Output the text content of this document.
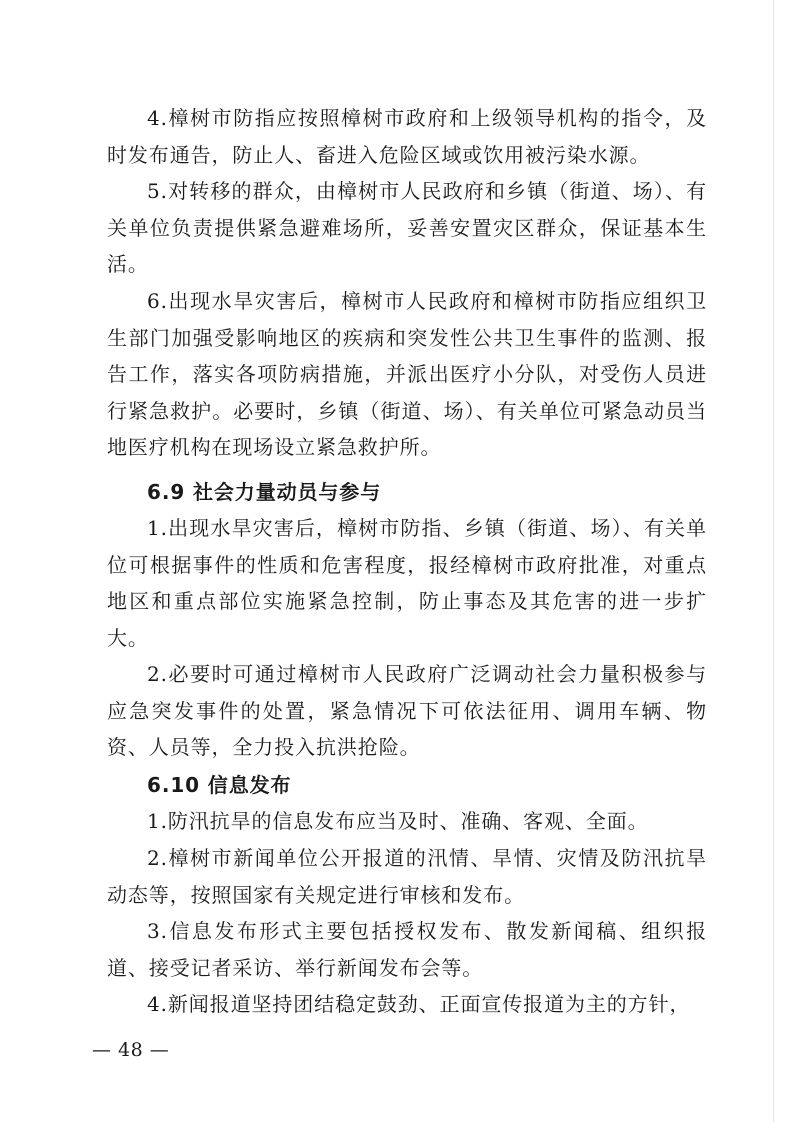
4.樟树市防指应按照樟树市政府和上级领导机构的指令，及时发布通告，防止人、畜进入危险区域或饮用被污染水源。

5.对转移的群众，由樟树市人民政府和乡镇（街道、场）、有关单位负责提供紧急避难场所，妥善安置灾区群众，保证基本生活。

6.出现水旱灾害后，樟树市人民政府和樟树市防指应组织卫生部门加强受影响地区的疾病和突发性公共卫生事件的监测、报告工作，落实各项防病措施，并派出医疗小分队，对受伤人员进行紧急救护。必要时，乡镇（街道、场）、有关单位可紧急动员当地医疗机构在现场设立紧急救护所。

6.9 社会力量动员与参与

1.出现水旱灾害后，樟树市防指、乡镇（街道、场）、有关单位可根据事件的性质和危害程度，报经樟树市政府批准，对重点地区和重点部位实施紧急控制，防止事态及其危害的进一步扩大。

2.必要时可通过樟树市人民政府广泛调动社会力量积极参与应急突发事件的处置，紧急情况下可依法征用、调用车辆、物资、人员等，全力投入抗洪抢险。

6.10 信息发布

1.防汛抗旱的信息发布应当及时、准确、客观、全面。

2.樟树市新闻单位公开报道的汛情、旱情、灾情及防汛抗旱动态等，按照国家有关规定进行审核和发布。

3.信息发布形式主要包括授权发布、散发新闻稿、组织报道、接受记者采访、举行新闻发布会等。

4.新闻报道坚持团结稳定鼓劲、正面宣传报道为主的方针，

— 48 —
